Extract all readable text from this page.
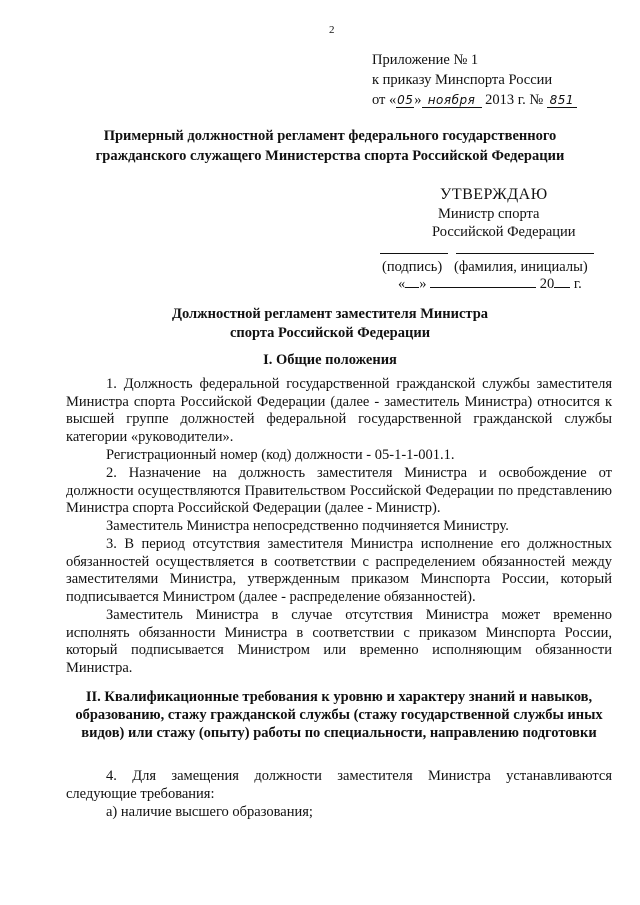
2
Приложение № 1
к приказу Минспорта России
от «05» ноября 2013 г. № 851
Примерный должностной регламент федерального государственного гражданского служащего Министерства спорта Российской Федерации
УТВЕРЖДАЮ
Министр спорта
Российской Федерации
(подпись) (фамилия, инициалы)
« »	20 г.
Должностной регламент заместителя Министра
спорта Российской Федерации
I. Общие положения
1. Должность федеральной государственной гражданской службы заместителя Министра спорта Российской Федерации (далее - заместитель Министра) относится к высшей группе должностей федеральной государственной гражданской службы категории «руководители».
Регистрационный номер (код) должности - 05-1-1-001.1.
2. Назначение на должность заместителя Министра и освобождение от должности осуществляются Правительством Российской Федерации по представлению Министра спорта Российской Федерации (далее - Министр).
Заместитель Министра непосредственно подчиняется Министру.
3. В период отсутствия заместителя Министра исполнение его должностных обязанностей осуществляется в соответствии с распределением обязанностей между заместителями Министра, утвержденным приказом Минспорта России, который подписывается Министром (далее - распределение обязанностей).
Заместитель Министра в случае отсутствия Министра может временно исполнять обязанности Министра в соответствии с приказом Минспорта России, который подписывается Министром или временно исполняющим обязанности Министра.
II. Квалификационные требования к уровню и характеру знаний и навыков, образованию, стажу гражданской службы (стажу государственной службы иных видов) или стажу (опыту) работы по специальности, направлению подготовки
4. Для замещения должности заместителя Министра устанавливаются следующие требования:
а) наличие высшего образования;
